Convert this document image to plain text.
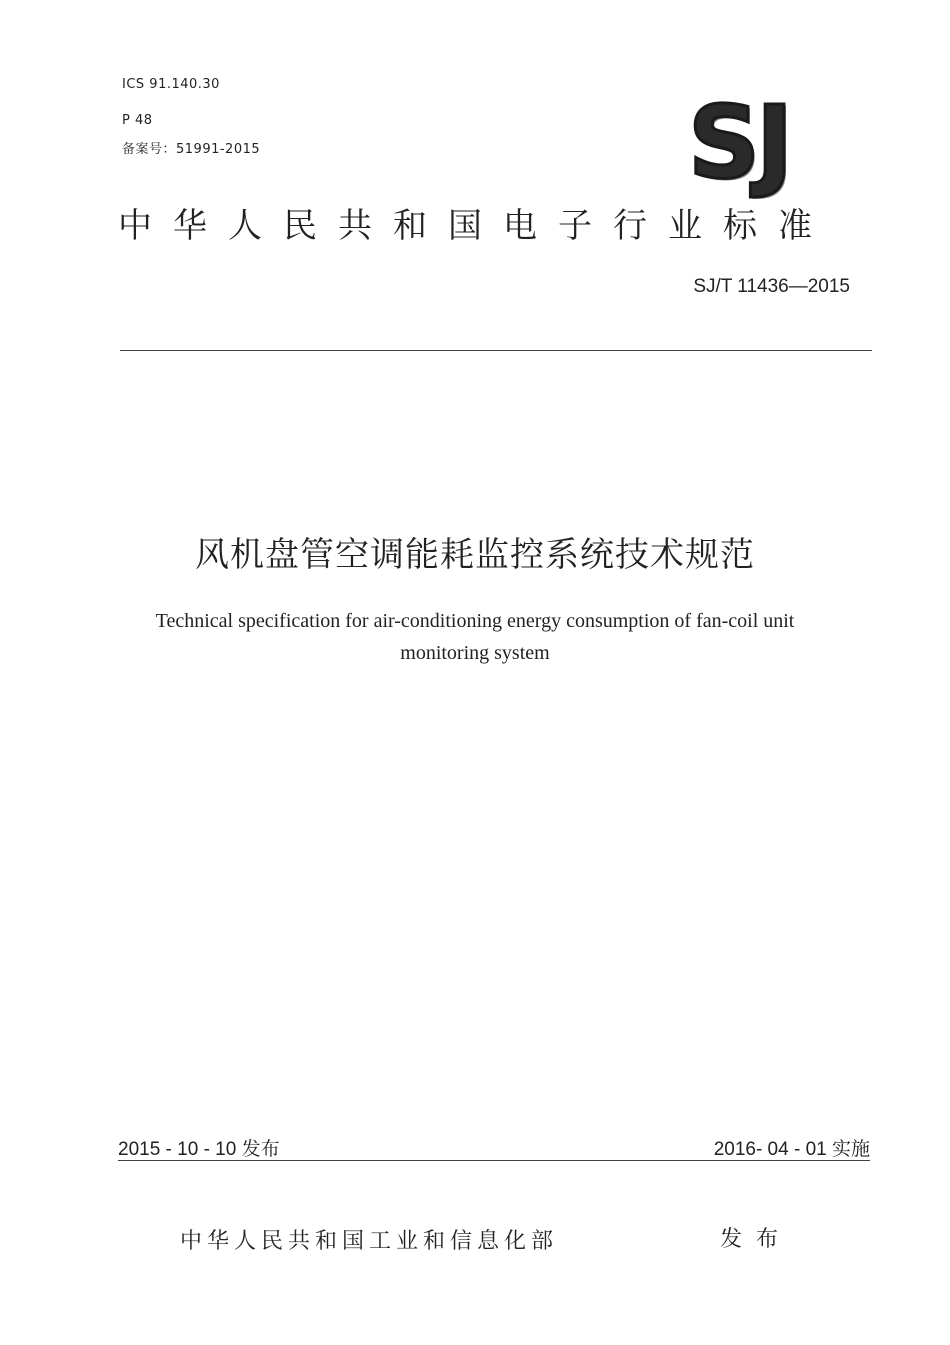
ICS 91.140.30
P 48
备案号：51991-2015	SJ
中华人民共和国电子行业标准
SJ/T 11436—2015
风机盘管空调能耗监控系统技术规范
Technical specification for air-conditioning energy consumption of fan-coil unit
monitoring system
2015 - 10 - 10 发布	2016- 04 - 01 实施
中华人民共和国工业和信息化部	发布
